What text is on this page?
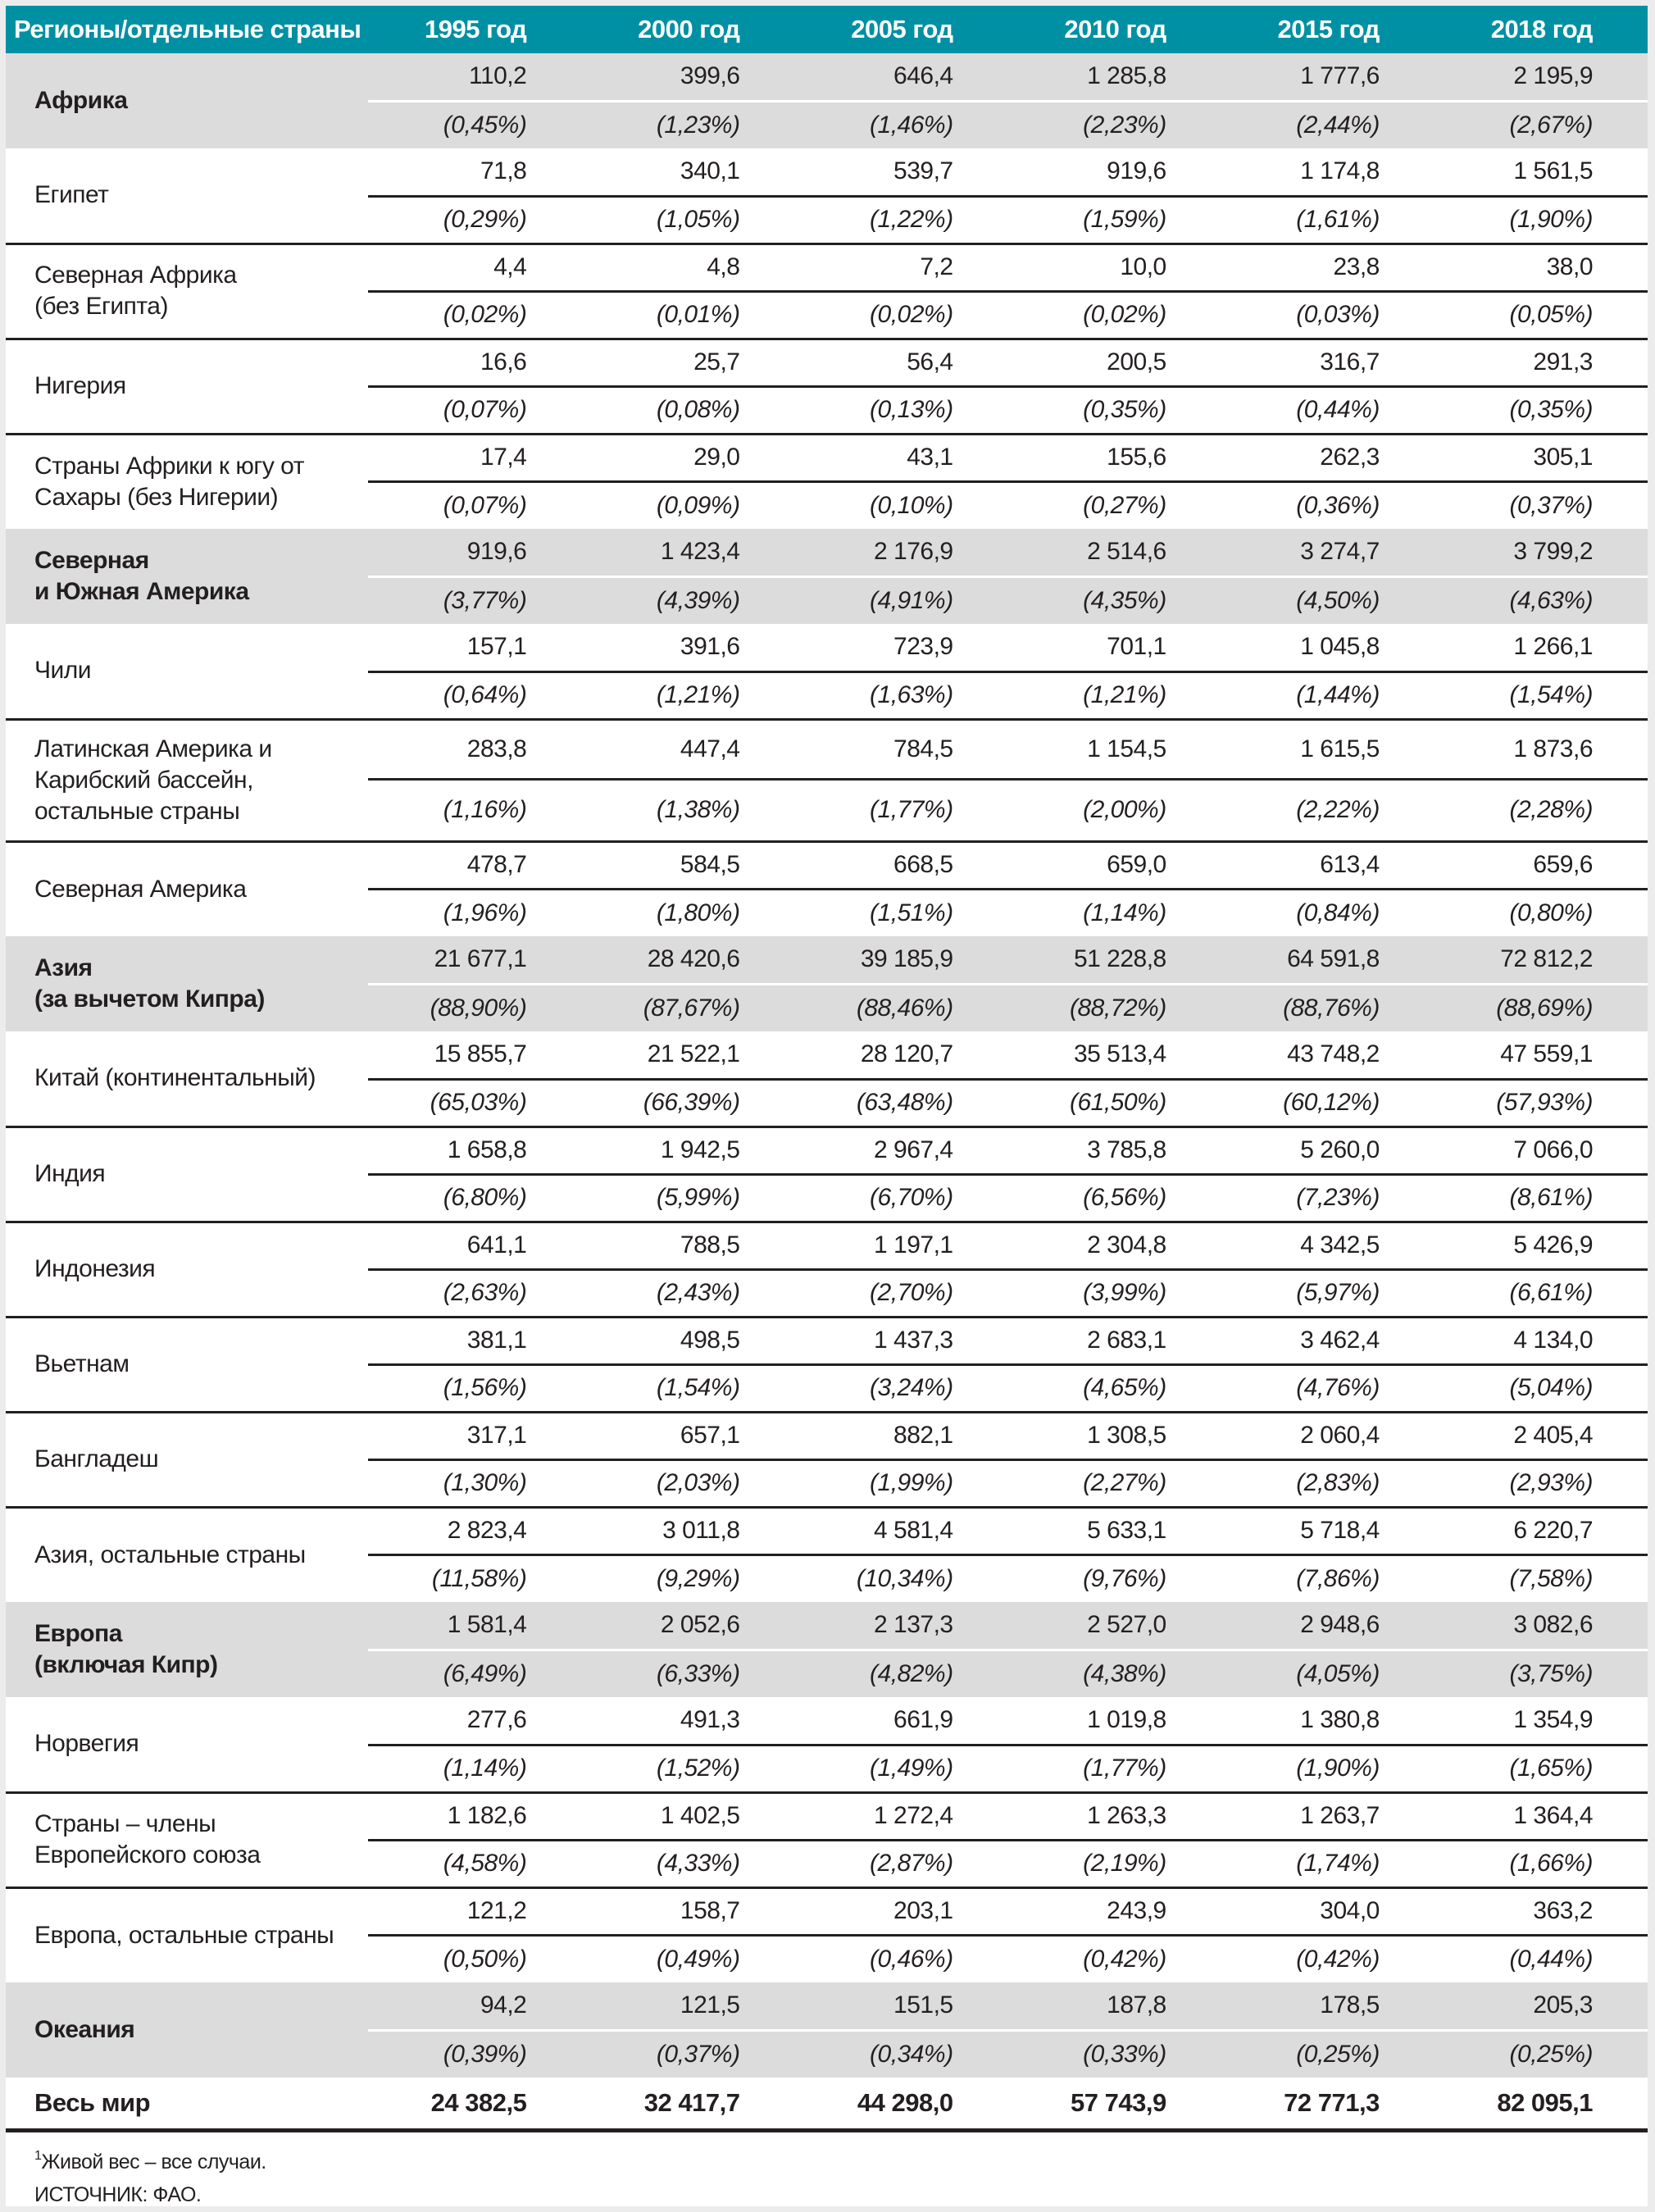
Регионы/отдельные страны	1995 год	2000 год	2005 год	2010 год	2015 год	2018 год
Африка	110,2	399,6	646,4	1 285,8	1 777,6	2 195,9
	(0,45%)	(1,23%)	(1,46%)	(2,23%)	(2,44%)	(2,67%)
Египет	71,8	340,1	539,7	919,6	1 174,8	1 561,5
	(0,29%)	(1,05%)	(1,22%)	(1,59%)	(1,61%)	(1,90%)
Северная Африка
(без Египта)	4,4	4,8	7,2	10,0	23,8	38,0
	(0,02%)	(0,01%)	(0,02%)	(0,02%)	(0,03%)	(0,05%)
Нигерия	16,6	25,7	56,4	200,5	316,7	291,3
	(0,07%)	(0,08%)	(0,13%)	(0,35%)	(0,44%)	(0,35%)
Страны Африки к югу от
Сахары (без Нигерии)	17,4	29,0	43,1	155,6	262,3	305,1
	(0,07%)	(0,09%)	(0,10%)	(0,27%)	(0,36%)	(0,37%)
Северная
и Южная Америка	919,6	1 423,4	2 176,9	2 514,6	3 274,7	3 799,2
	(3,77%)	(4,39%)	(4,91%)	(4,35%)	(4,50%)	(4,63%)
Чили	157,1	391,6	723,9	701,1	1 045,8	1 266,1
	(0,64%)	(1,21%)	(1,63%)	(1,21%)	(1,44%)	(1,54%)
Латинская Америка и
Карибский бассейн,
остальные страны	283,8	447,4	784,5	1 154,5	1 615,5	1 873,6
	(1,16%)	(1,38%)	(1,77%)	(2,00%)	(2,22%)	(2,28%)
Северная Америка	478,7	584,5	668,5	659,0	613,4	659,6
	(1,96%)	(1,80%)	(1,51%)	(1,14%)	(0,84%)	(0,80%)
Азия
(за вычетом Кипра)	21 677,1	28 420,6	39 185,9	51 228,8	64 591,8	72 812,2
	(88,90%)	(87,67%)	(88,46%)	(88,72%)	(88,76%)	(88,69%)
Китай (континентальный)	15 855,7	21 522,1	28 120,7	35 513,4	43 748,2	47 559,1
	(65,03%)	(66,39%)	(63,48%)	(61,50%)	(60,12%)	(57,93%)
Индия	1 658,8	1 942,5	2 967,4	3 785,8	5 260,0	7 066,0
	(6,80%)	(5,99%)	(6,70%)	(6,56%)	(7,23%)	(8,61%)
Индонезия	641,1	788,5	1 197,1	2 304,8	4 342,5	5 426,9
	(2,63%)	(2,43%)	(2,70%)	(3,99%)	(5,97%)	(6,61%)
Вьетнам	381,1	498,5	1 437,3	2 683,1	3 462,4	4 134,0
	(1,56%)	(1,54%)	(3,24%)	(4,65%)	(4,76%)	(5,04%)
Бангладеш	317,1	657,1	882,1	1 308,5	2 060,4	2 405,4
	(1,30%)	(2,03%)	(1,99%)	(2,27%)	(2,83%)	(2,93%)
Азия, остальные страны	2 823,4	3 011,8	4 581,4	5 633,1	5 718,4	6 220,7
	(11,58%)	(9,29%)	(10,34%)	(9,76%)	(7,86%)	(7,58%)
Европа
(включая Кипр)	1 581,4	2 052,6	2 137,3	2 527,0	2 948,6	3 082,6
	(6,49%)	(6,33%)	(4,82%)	(4,38%)	(4,05%)	(3,75%)
Норвегия	277,6	491,3	661,9	1 019,8	1 380,8	1 354,9
	(1,14%)	(1,52%)	(1,49%)	(1,77%)	(1,90%)	(1,65%)
Страны – члены
Европейского союза	1 182,6	1 402,5	1 272,4	1 263,3	1 263,7	1 364,4
	(4,58%)	(4,33%)	(2,87%)	(2,19%)	(1,74%)	(1,66%)
Европа, остальные страны	121,2	158,7	203,1	243,9	304,0	363,2
	(0,50%)	(0,49%)	(0,46%)	(0,42%)	(0,42%)	(0,44%)
Океания	94,2	121,5	151,5	187,8	178,5	205,3
	(0,39%)	(0,37%)	(0,34%)	(0,33%)	(0,25%)	(0,25%)
Весь мир	24 382,5	32 417,7	44 298,0	57 743,9	72 771,3	82 095,1
$^1$Живой вес – все случаи.
ИСТОЧНИК: ФАО.
